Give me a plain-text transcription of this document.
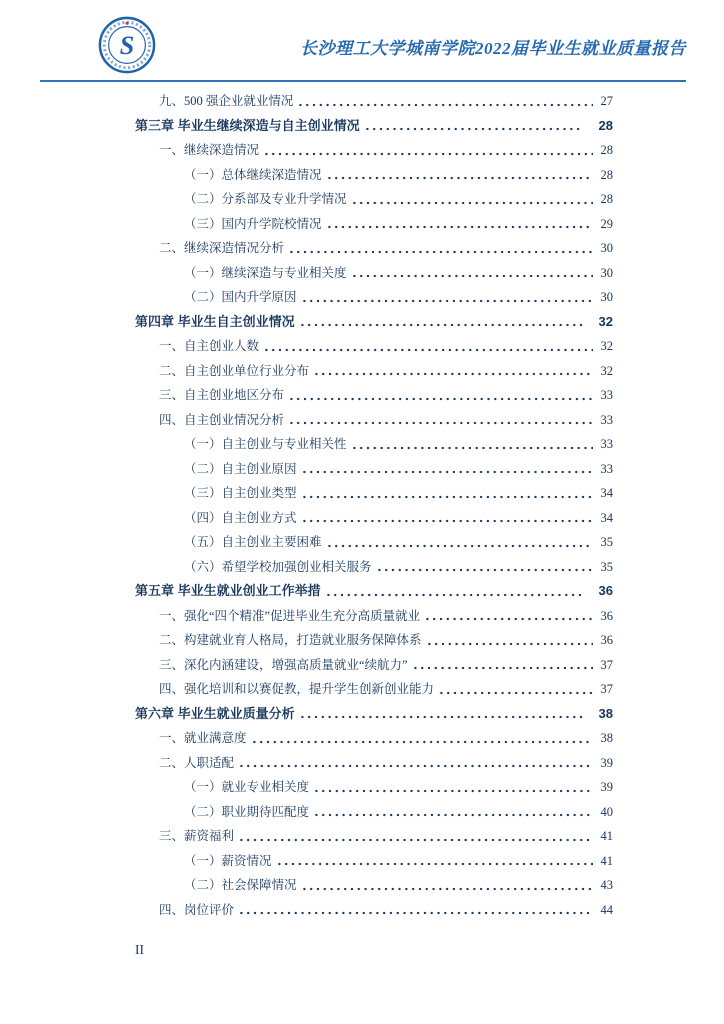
S	长沙理工大学城南学院2022届毕业生就业质量报告
九、500 强企业就业情况	27
第三章 毕业生继续深造与自主创业情况	28
一、继续深造情况	28
（一）总体继续深造情况	28
（二）分系部及专业升学情况	28
（三）国内升学院校情况	29
二、继续深造情况分析	30
（一）继续深造与专业相关度	30
（二）国内升学原因	30
第四章 毕业生自主创业情况	32
一、自主创业人数	32
二、自主创业单位行业分布	32
三、自主创业地区分布	33
四、自主创业情况分析	33
（一）自主创业与专业相关性	33
（二）自主创业原因	33
（三）自主创业类型	34
（四）自主创业方式	34
（五）自主创业主要困难	35
（六）希望学校加强创业相关服务	35
第五章 毕业生就业创业工作举措	36
一、强化“四个精准”促进毕业生充分高质量就业	36
二、构建就业育人格局，打造就业服务保障体系	36
三、深化内涵建设，增强高质量就业“续航力”	37
四、强化培训和以赛促教，提升学生创新创业能力	37
第六章 毕业生就业质量分析	38
一、就业满意度	38
二、人职适配	39
（一）就业专业相关度	39
（二）职业期待匹配度	40
三、薪资福利	41
（一）薪资情况	41
（二）社会保障情况	43
四、岗位评价	44
II
